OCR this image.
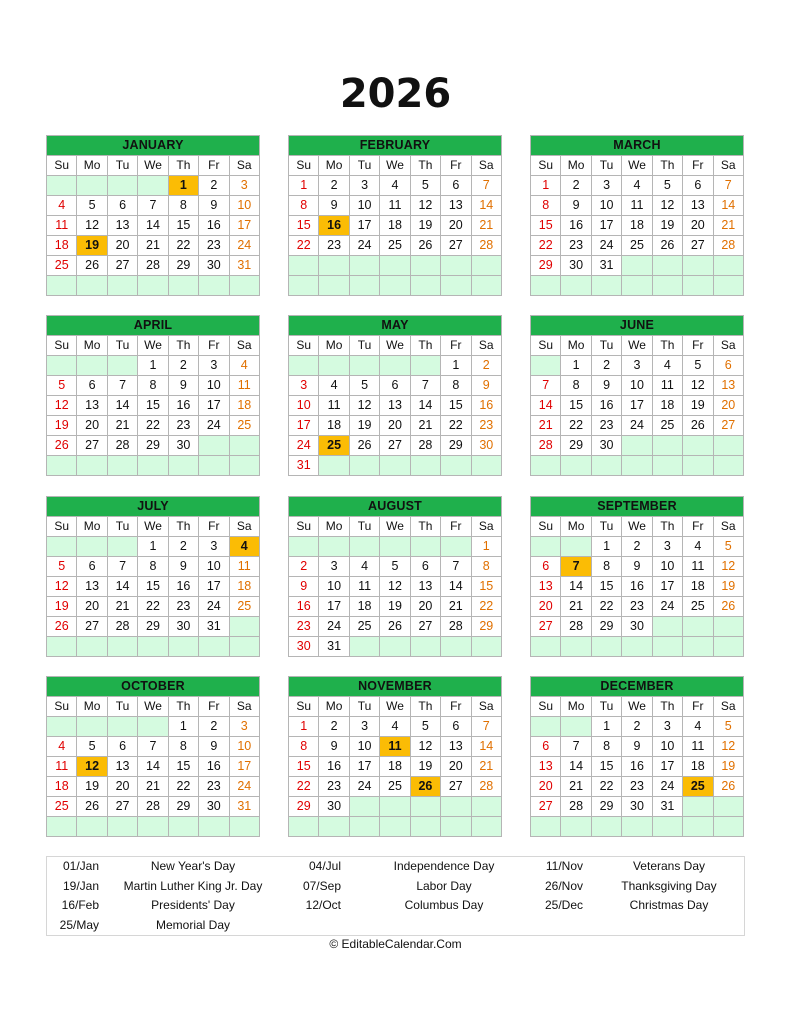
2026
JANUARY						
Su	Mo	Tu	We	Th	Fr	Sa
				1	2	3
4	5	6	7	8	9	10
11	12	13	14	15	16	17
18	19	20	21	22	23	24
25	26	27	28	29	30	31

FEBRUARY						
Su	Mo	Tu	We	Th	Fr	Sa
1	2	3	4	5	6	7
8	9	10	11	12	13	14
15	16	17	18	19	20	21
22	23	24	25	26	27	28

MARCH						
Su	Mo	Tu	We	Th	Fr	Sa
1	2	3	4	5	6	7
8	9	10	11	12	13	14
15	16	17	18	19	20	21
22	23	24	25	26	27	28
29	30	31				

APRIL						
Su	Mo	Tu	We	Th	Fr	Sa
			1	2	3	4
5	6	7	8	9	10	11
12	13	14	15	16	17	18
19	20	21	22	23	24	25
26	27	28	29	30		

MAY						
Su	Mo	Tu	We	Th	Fr	Sa
					1	2
3	4	5	6	7	8	9
10	11	12	13	14	15	16
17	18	19	20	21	22	23
24	25	26	27	28	29	30
31						
JUNE						
Su	Mo	Tu	We	Th	Fr	Sa
	1	2	3	4	5	6
7	8	9	10	11	12	13
14	15	16	17	18	19	20
21	22	23	24	25	26	27
28	29	30				

JULY						
Su	Mo	Tu	We	Th	Fr	Sa
			1	2	3	4
5	6	7	8	9	10	11
12	13	14	15	16	17	18
19	20	21	22	23	24	25
26	27	28	29	30	31	

AUGUST						
Su	Mo	Tu	We	Th	Fr	Sa
						1
2	3	4	5	6	7	8
9	10	11	12	13	14	15
16	17	18	19	20	21	22
23	24	25	26	27	28	29
30	31					
SEPTEMBER						
Su	Mo	Tu	We	Th	Fr	Sa
		1	2	3	4	5
6	7	8	9	10	11	12
13	14	15	16	17	18	19
20	21	22	23	24	25	26
27	28	29	30			

OCTOBER						
Su	Mo	Tu	We	Th	Fr	Sa
				1	2	3
4	5	6	7	8	9	10
11	12	13	14	15	16	17
18	19	20	21	22	23	24
25	26	27	28	29	30	31

NOVEMBER						
Su	Mo	Tu	We	Th	Fr	Sa
1	2	3	4	5	6	7
8	9	10	11	12	13	14
15	16	17	18	19	20	21
22	23	24	25	26	27	28
29	30					

DECEMBER						
Su	Mo	Tu	We	Th	Fr	Sa
		1	2	3	4	5
6	7	8	9	10	11	12
13	14	15	16	17	18	19
20	21	22	23	24	25	26
27	28	29	30	31		

01/Jan	New Year's Day
19/Jan	Martin Luther King Jr. Day
16/Feb	Presidents' Day
25/May	Memorial Day
04/Jul	Independence Day
07/Sep	Labor Day
12/Oct	Columbus Day
11/Nov	Veterans Day
26/Nov	Thanksgiving Day
25/Dec	Christmas Day
© EditableCalendar.Com
